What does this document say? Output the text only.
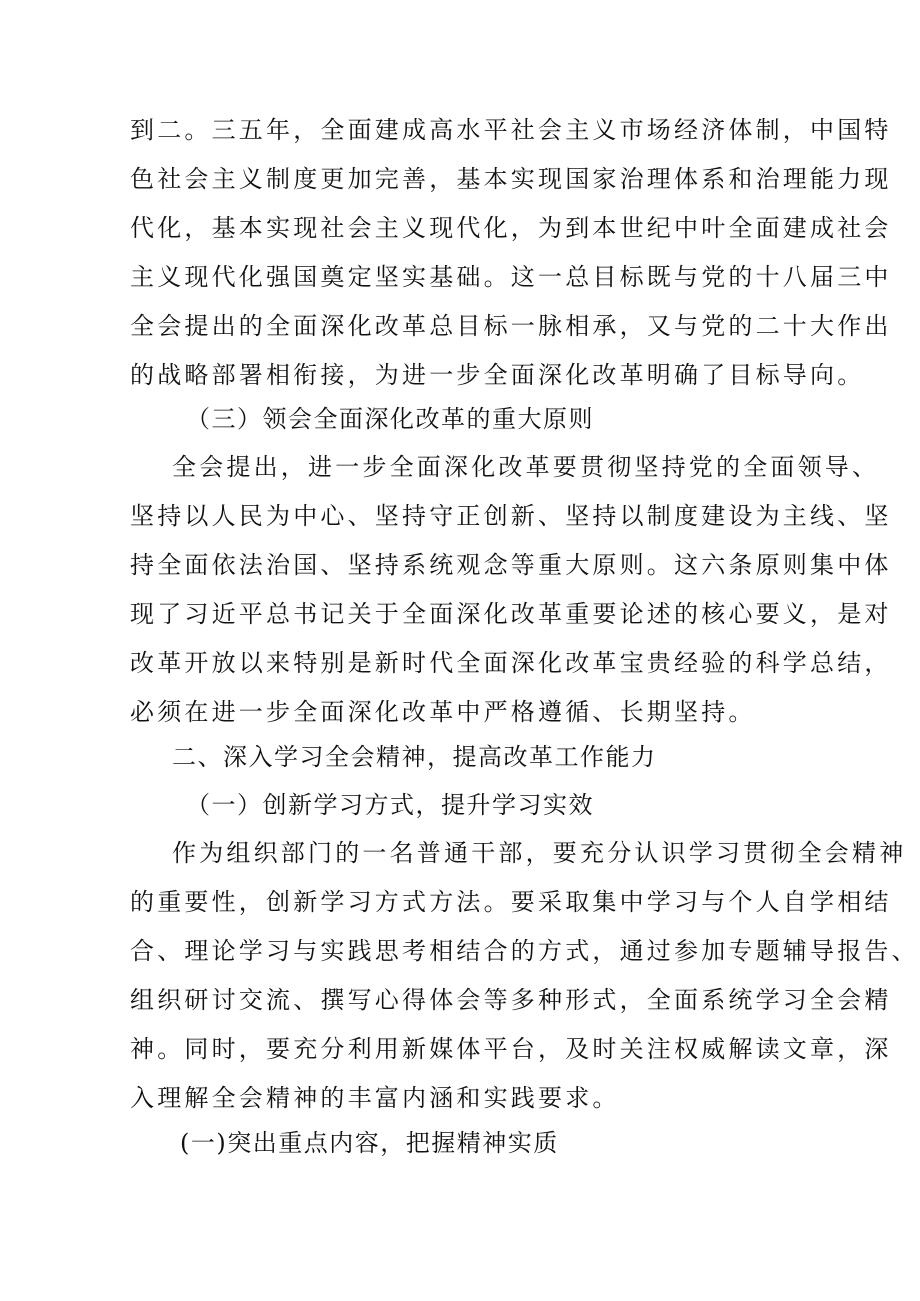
到二。三五年，全面建成高水平社会主义市场经济体制，中国特
色社会主义制度更加完善，基本实现国家治理体系和治理能力现
代化，基本实现社会主义现代化，为到本世纪中叶全面建成社会
主义现代化强国奠定坚实基础。这一总目标既与党的十八届三中
全会提出的全面深化改革总目标一脉相承，又与党的二十大作出
的战略部署相衔接，为进一步全面深化改革明确了目标导向。
（三）领会全面深化改革的重大原则
全会提出，进一步全面深化改革要贯彻坚持党的全面领导、
坚持以人民为中心、坚持守正创新、坚持以制度建设为主线、坚
持全面依法治国、坚持系统观念等重大原则。这六条原则集中体
现了习近平总书记关于全面深化改革重要论述的核心要义，是对
改革开放以来特别是新时代全面深化改革宝贵经验的科学总结，
必须在进一步全面深化改革中严格遵循、长期坚持。
二、深入学习全会精神，提高改革工作能力
（一）创新学习方式，提升学习实效
作为组织部门的一名普通干部，要充分认识学习贯彻全会精神
的重要性，创新学习方式方法。要采取集中学习与个人自学相结
合、理论学习与实践思考相结合的方式，通过参加专题辅导报告、
组织研讨交流、撰写心得体会等多种形式，全面系统学习全会精
神。同时，要充分利用新媒体平台，及时关注权威解读文章，深
入理解全会精神的丰富内涵和实践要求。
(一)突出重点内容，把握精神实质
